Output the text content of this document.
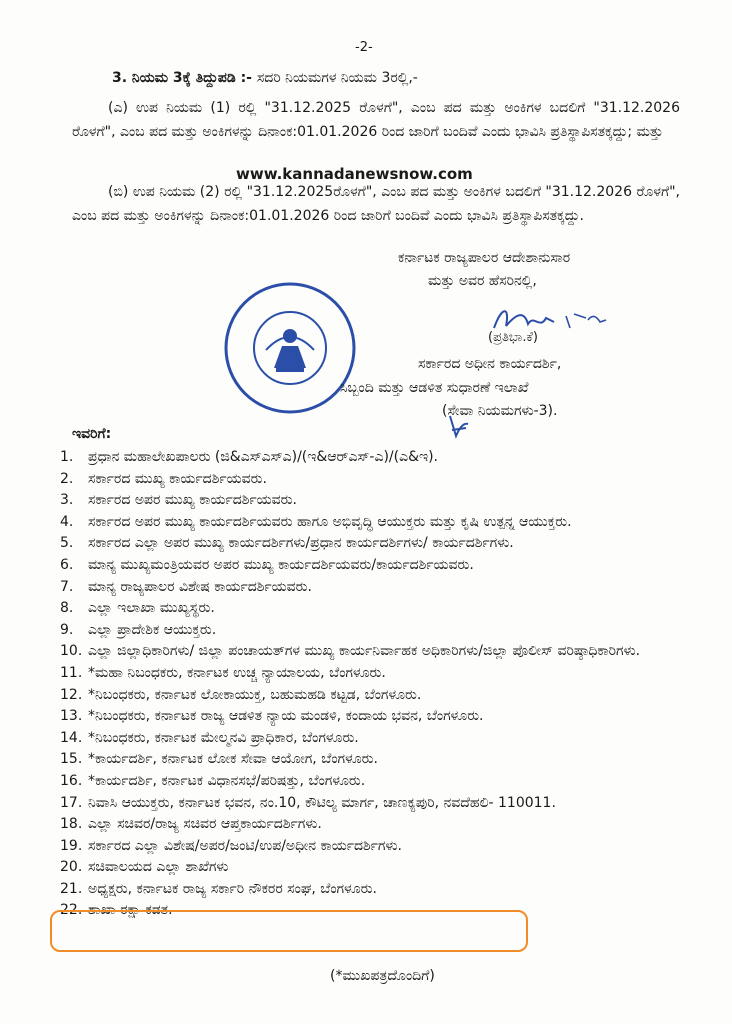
-2-
3. ನಿಯಮ 3ಕ್ಕೆ ತಿದ್ದುಪಡಿ :- ಸದರಿ ನಿಯಮಗಳ ನಿಯಮ 3ರಲ್ಲಿ,-
(ಎ) ಉಪ ನಿಯಮ (1) ರಲ್ಲಿ "31.12.2025 ರೊಳಗೆ", ಎಂಬ ಪದ ಮತ್ತು ಅಂಕಿಗಳ ಬದಲಿಗೆ "31.12.2026 ರೊಳಗೆ", ಎಂಬ ಪದ ಮತ್ತು ಅಂಕಿಗಳನ್ನು ದಿನಾಂಕ:01.01.2026 ರಿಂದ ಜಾರಿಗೆ ಬಂದಿವೆ ಎಂದು ಭಾವಿಸಿ ಪ್ರತಿಸ್ಥಾಪಿಸತಕ್ಕದ್ದು; ಮತ್ತು
www.kannadanewsnow.com
(ಬಿ) ಉಪ ನಿಯಮ (2) ರಲ್ಲಿ "31.12.2025ರೊಳಗೆ", ಎಂಬ ಪದ ಮತ್ತು ಅಂಕಿಗಳ ಬದಲಿಗೆ "31.12.2026 ರೊಳಗೆ", ಎಂಬ ಪದ ಮತ್ತು ಅಂಕಿಗಳನ್ನು ದಿನಾಂಕ:01.01.2026 ರಿಂದ ಜಾರಿಗೆ ಬಂದಿವೆ ಎಂದು ಭಾವಿಸಿ ಪ್ರತಿಸ್ಥಾಪಿಸತಕ್ಕದ್ದು.
ಕರ್ನಾಟಕ ರಾಜ್ಯಪಾಲರ ಆದೇಶಾನುಸಾರ
ಮತ್ತು ಅವರ ಹೆಸರಿನಲ್ಲಿ,
(ಪ್ರತಿಭಾ.ಕೆ)
ಸರ್ಕಾರದ ಅಧೀನ ಕಾರ್ಯದರ್ಶಿ,
ಸಿಬ್ಬಂದಿ ಮತ್ತು ಆಡಳಿತ ಸುಧಾರಣೆ ಇಲಾಖೆ
(ಸೇವಾ ನಿಯಮಗಳು-3).
ಇವರಿಗೆ:
1. ಪ್ರಧಾನ ಮಹಾಲೇಖಪಾಲರು (ಜಿ&ಎಸ್‌ಎಸ್‌ಎ)/(ಇ&ಆರ್‌ಎಸ್-ಎ)/(ಎ&ಇ).
2. ಸರ್ಕಾರದ ಮುಖ್ಯ ಕಾರ್ಯದರ್ಶಿಯವರು.
3. ಸರ್ಕಾರದ ಅಪರ ಮುಖ್ಯ ಕಾರ್ಯದರ್ಶಿಯವರು.
4. ಸರ್ಕಾರದ ಅಪರ ಮುಖ್ಯ ಕಾರ್ಯದರ್ಶಿಯವರು ಹಾಗೂ ಅಭಿವೃದ್ಧಿ ಆಯುಕ್ತರು ಮತ್ತು ಕೃಷಿ ಉತ್ಪನ್ನ ಆಯುಕ್ತರು.
5. ಸರ್ಕಾರದ ಎಲ್ಲಾ ಅಪರ ಮುಖ್ಯ ಕಾರ್ಯದರ್ಶಿಗಳು/ಪ್ರಧಾನ ಕಾರ್ಯದರ್ಶಿಗಳು/ ಕಾರ್ಯದರ್ಶಿಗಳು.
6. ಮಾನ್ಯ ಮುಖ್ಯಮಂತ್ರಿಯವರ ಅಪರ ಮುಖ್ಯ ಕಾರ್ಯದರ್ಶಿಯವರು/ಕಾರ್ಯದರ್ಶಿಯವರು.
7. ಮಾನ್ಯ ರಾಜ್ಯಪಾಲರ ವಿಶೇಷ ಕಾರ್ಯದರ್ಶಿಯವರು.
8. ಎಲ್ಲಾ ಇಲಾಖಾ ಮುಖ್ಯಸ್ಥರು.
9. ಎಲ್ಲಾ ಪ್ರಾದೇಶಿಕ ಆಯುಕ್ತರು.
10. ಎಲ್ಲಾ ಜಿಲ್ಲಾಧಿಕಾರಿಗಳು/ ಜಿಲ್ಲಾ ಪಂಚಾಯತ್‌ಗಳ ಮುಖ್ಯ ಕಾರ್ಯನಿರ್ವಾಹಕ ಅಧಿಕಾರಿಗಳು/ಜಿಲ್ಲಾ ಪೊಲೀಸ್ ವರಿಷ್ಠಾಧಿಕಾರಿಗಳು.
11. *ಮಹಾ ನಿಬಂಧಕರು, ಕರ್ನಾಟಕ ಉಚ್ಚ ನ್ಯಾಯಾಲಯ, ಬೆಂಗಳೂರು.
12. *ನಿಬಂಧಕರು, ಕರ್ನಾಟಕ ಲೋಕಾಯುಕ್ತ, ಬಹುಮಹಡಿ ಕಟ್ಟಡ, ಬೆಂಗಳೂರು.
13. *ನಿಬಂಧಕರು, ಕರ್ನಾಟಕ ರಾಜ್ಯ ಆಡಳಿತ ನ್ಯಾಯ ಮಂಡಳಿ, ಕಂದಾಯ ಭವನ, ಬೆಂಗಳೂರು.
14. *ನಿಬಂಧಕರು, ಕರ್ನಾಟಕ ಮೇಲ್ಮನವಿ ಪ್ರಾಧಿಕಾರ, ಬೆಂಗಳೂರು.
15. *ಕಾರ್ಯದರ್ಶಿ, ಕರ್ನಾಟಕ ಲೋಕ ಸೇವಾ ಆಯೋಗ, ಬೆಂಗಳೂರು.
16. *ಕಾರ್ಯದರ್ಶಿ, ಕರ್ನಾಟಕ ವಿಧಾನಸಭೆ/ಪರಿಷತ್ತು, ಬೆಂಗಳೂರು.
17. ನಿವಾಸಿ ಆಯುಕ್ತರು, ಕರ್ನಾಟಕ ಭವನ, ನಂ.10, ಕೌಟಿಲ್ಯ ಮಾರ್ಗ, ಚಾಣಕ್ಯಪುರಿ, ನವದೆಹಲಿ- 110011.
18. ಎಲ್ಲಾ ಸಚಿವರ/ರಾಜ್ಯ ಸಚಿವರ ಆಪ್ತಕಾರ್ಯದರ್ಶಿಗಳು.
19. ಸರ್ಕಾರದ ಎಲ್ಲಾ ವಿಶೇಷ/ಅಪರ/ಜಂಟಿ/ಉಪ/ಅಧೀನ ಕಾರ್ಯದರ್ಶಿಗಳು.
20. ಸಚಿವಾಲಯದ ಎಲ್ಲಾ ಶಾಖೆಗಳು
21. ಅಧ್ಯಕ್ಷರು, ಕರ್ನಾಟಕ ರಾಜ್ಯ ಸರ್ಕಾರಿ ನೌಕರರ ಸಂಘ, ಬೆಂಗಳೂರು.
22. ಶಾಖಾ ರಕ್ಷಾ ಕಡತ.
(*ಮುಖಪತ್ರದೊಂದಿಗೆ)
